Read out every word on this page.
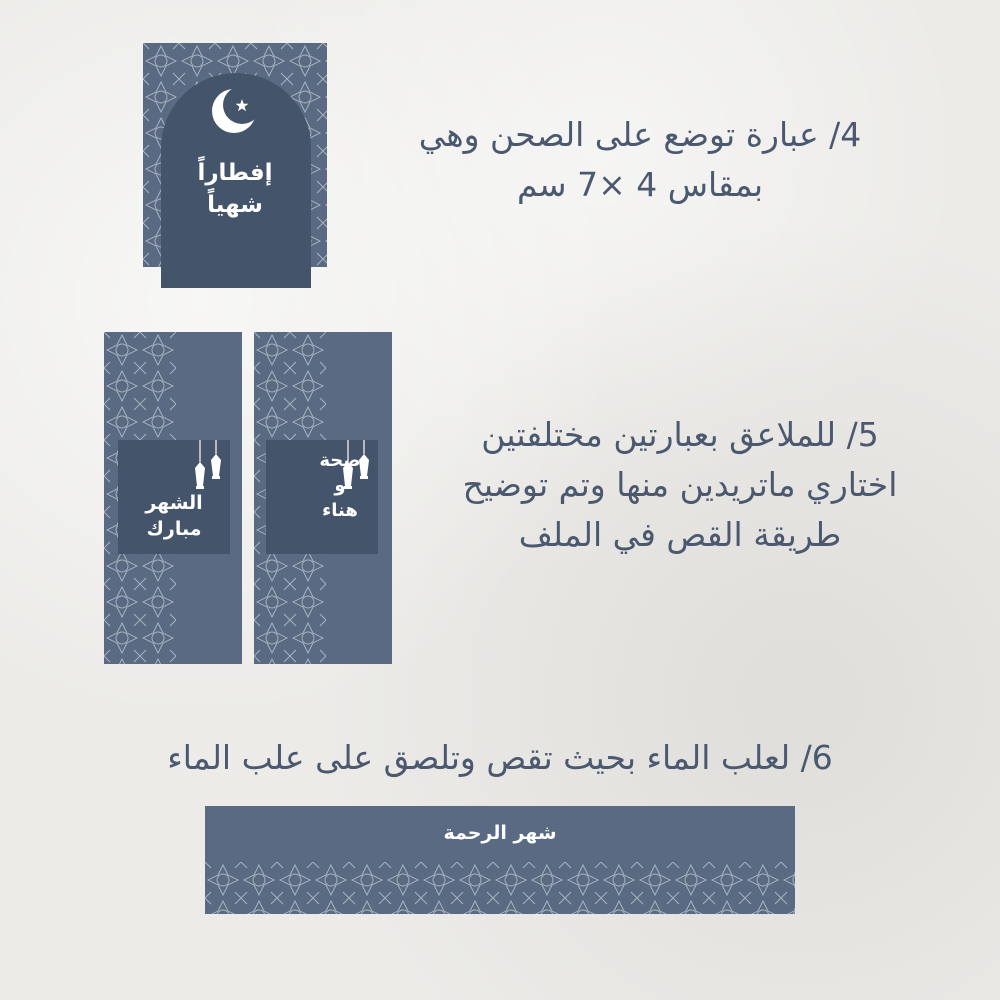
إفطاراً
شهياً
4/ عبارة توضع على الصحن وهي
بمقاس 4 ×7 سم
الشهر
مبارك
صحة
و
هناء
5/ للملاعق بعبارتين مختلفتين
اختاري ماتريدين منها وتم توضيح
طريقة القص في الملف
6/ لعلب الماء بحيث تقص وتلصق على علب الماء
شهر الرحمة
